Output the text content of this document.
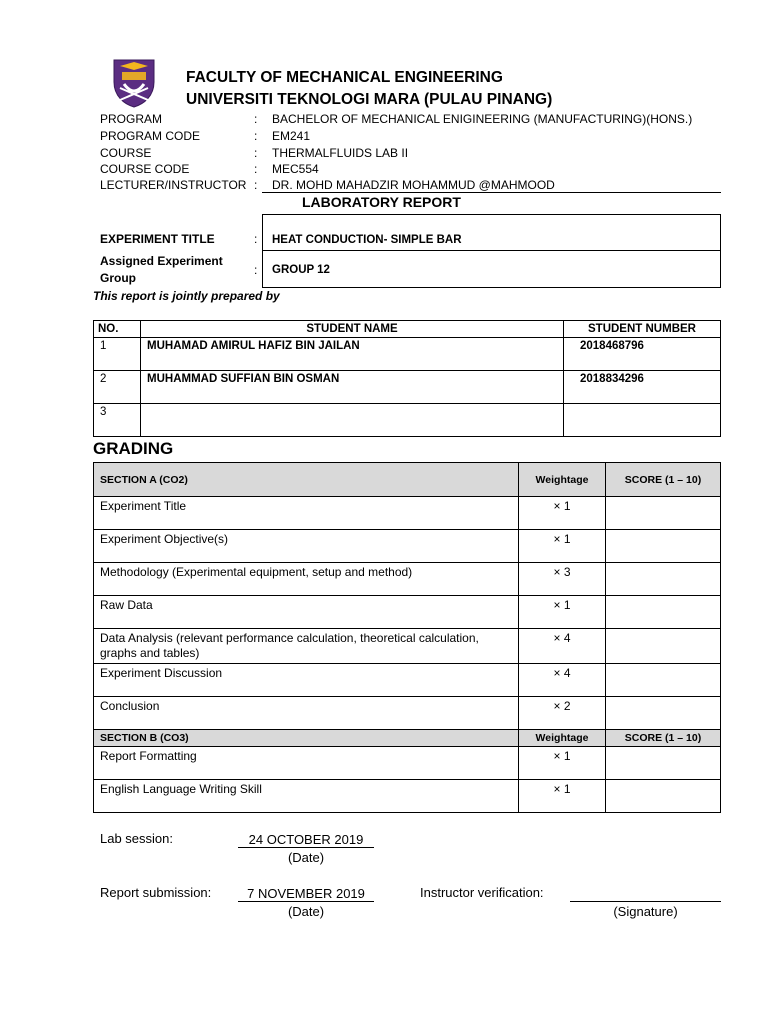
FACULTY OF MECHANICAL ENGINEERING
UNIVERSITI TEKNOLOGI MARA (PULAU PINANG)
PROGRAM	: BACHELOR OF MECHANICAL ENIGINEERING (MANUFACTURING)(HONS.)
PROGRAM CODE	: EM241
COURSE	: THERMALFLUIDS LAB II
COURSE CODE	: MEC554
LECTURER/INSTRUCTOR : DR. MOHD MAHADZIR MOHAMMUD @MAHMOOD
LABORATORY REPORT
EXPERIMENT TITLE	: HEAT CONDUCTION- SIMPLE BAR
Assigned Experiment
Group
: GROUP 12
This report is jointly prepared by
NO.	STUDENT NAME	STUDENT NUMBER
1	MUHAMAD AMIRUL HAFIZ BIN JAILAN	2018468796
2	MUHAMMAD SUFFIAN BIN OSMAN	2018834296
3		
GRADING
SECTION A (CO2)	Weightage	SCORE (1 – 10)
Experiment Title	× 1	
Experiment Objective(s)	× 1	
Methodology (Experimental equipment, setup and method)	× 3	
Raw Data	× 1	
Data Analysis (relevant performance calculation, theoretical calculation, graphs and tables)	× 4	
Experiment Discussion	× 4	
Conclusion	× 2	
SECTION B (CO3)	Weightage	SCORE (1 – 10)
Report Formatting	× 1	
English Language Writing Skill	× 1	
Lab session:	24 OCTOBER 2019
(Date)
Report submission:	7 NOVEMBER 2019
(Date)
Instructor verification:
(Signature)
